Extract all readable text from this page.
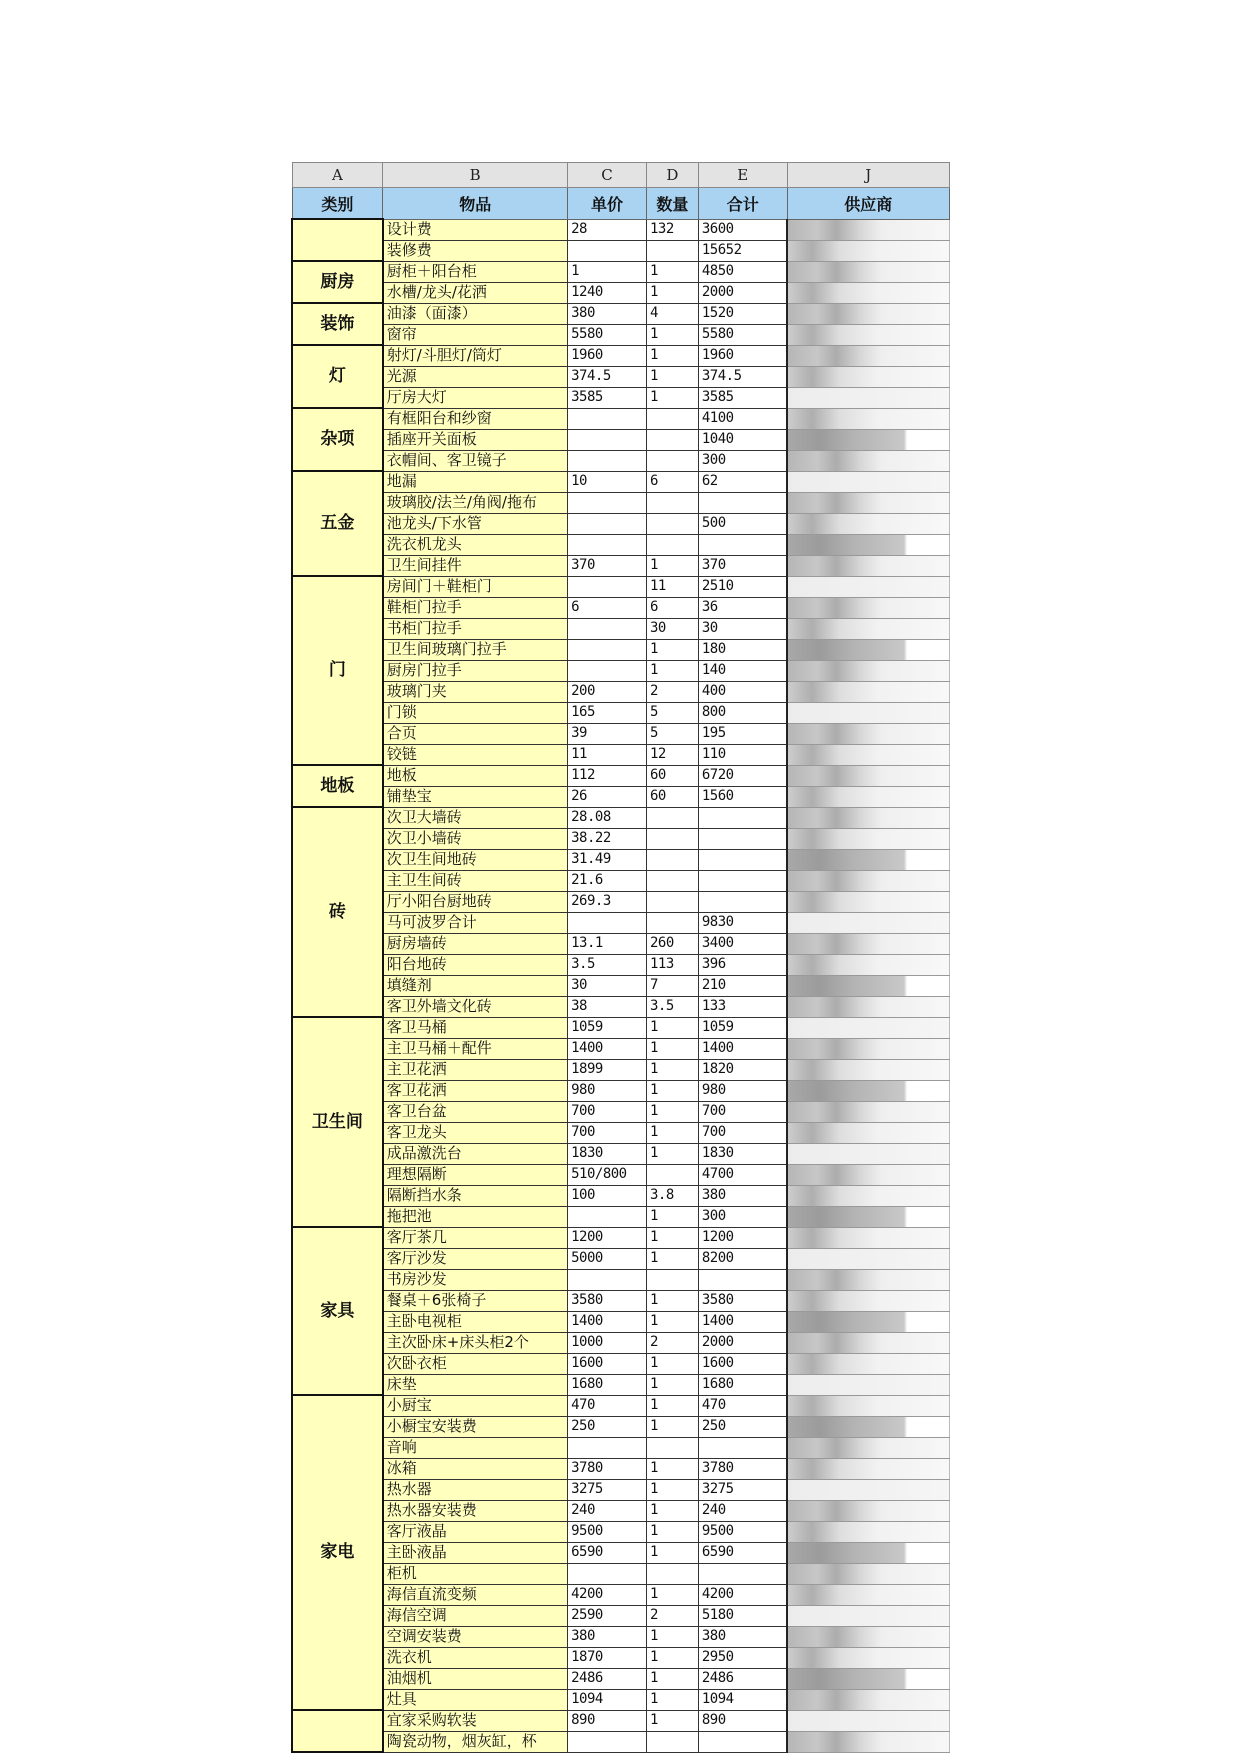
A	B	C	D	E	J
类别	物品	单价	数量	合计	供应商
	设计费	28	132	3600	

	装修费			15652	

厨房	厨柜＋阳台柜	1	1	4850	

	水槽/龙头/花洒	1240	1	2000	

装饰	油漆（面漆）	380	4	1520	

	窗帘	5580	1	5580	

灯	射灯/斗胆灯/筒灯	1960	1	1960	

	光源	374.5	1	374.5	

	厅房大灯	3585	1	3585	

杂项	有框阳台和纱窗			4100	

	插座开关面板			1040	

	衣帽间、客卫镜子			300	

五金	地漏	10	6	62	

	玻璃胶/法兰/角阀/拖布				

	池龙头/下水管			500	

	洗衣机龙头				

	卫生间挂件	370	1	370	

门	房间门＋鞋柜门		11	2510	

	鞋柜门拉手	6	6	36	

	书柜门拉手		30	30	

	卫生间玻璃门拉手		1	180	

	厨房门拉手		1	140	

	玻璃门夹	200	2	400	

	门锁	165	5	800	

	合页	39	5	195	

	铰链	11	12	110	

地板	地板	112	60	6720	

	铺垫宝	26	60	1560	

砖	次卫大墙砖	28.08			

	次卫小墙砖	38.22			

	次卫生间地砖	31.49			

	主卫生间砖	21.6			

	厅小阳台厨地砖	269.3			

	马可波罗合计			9830	

	厨房墙砖	13.1	260	3400	

	阳台地砖	3.5	113	396	

	填缝剂	30	7	210	

	客卫外墙文化砖	38	3.5	133	

卫生间	客卫马桶	1059	1	1059	

	主卫马桶＋配件	1400	1	1400	

	主卫花洒	1899	1	1820	

	客卫花洒	980	1	980	

	客卫台盆	700	1	700	

	客卫龙头	700	1	700	

	成品激洗台	1830	1	1830	

	理想隔断	510/800		4700	

	隔断挡水条	100	3.8	380	

	拖把池		1	300	

家具	客厅茶几	1200	1	1200	

	客厅沙发	5000	1	8200	

	书房沙发				

	餐桌＋6张椅子	3580	1	3580	

	主卧电视柜	1400	1	1400	

	主次卧床+床头柜2个	1000	2	2000	

	次卧衣柜	1600	1	1600	

	床垫	1680	1	1680	

家电	小厨宝	470	1	470	

	小橱宝安装费	250	1	250	

	音响				

	冰箱	3780	1	3780	

	热水器	3275	1	3275	

	热水器安装费	240	1	240	

	客厅液晶	9500	1	9500	

	主卧液晶	6590	1	6590	

	柜机				

	海信直流变频	4200	1	4200	

	海信空调	2590	2	5180	

	空调安装费	380	1	380	

	洗衣机	1870	1	2950	

	油烟机	2486	1	2486	

	灶具	1094	1	1094	

	宜家采购软装	890	1	890	

	陶瓷动物，烟灰缸，杯				
